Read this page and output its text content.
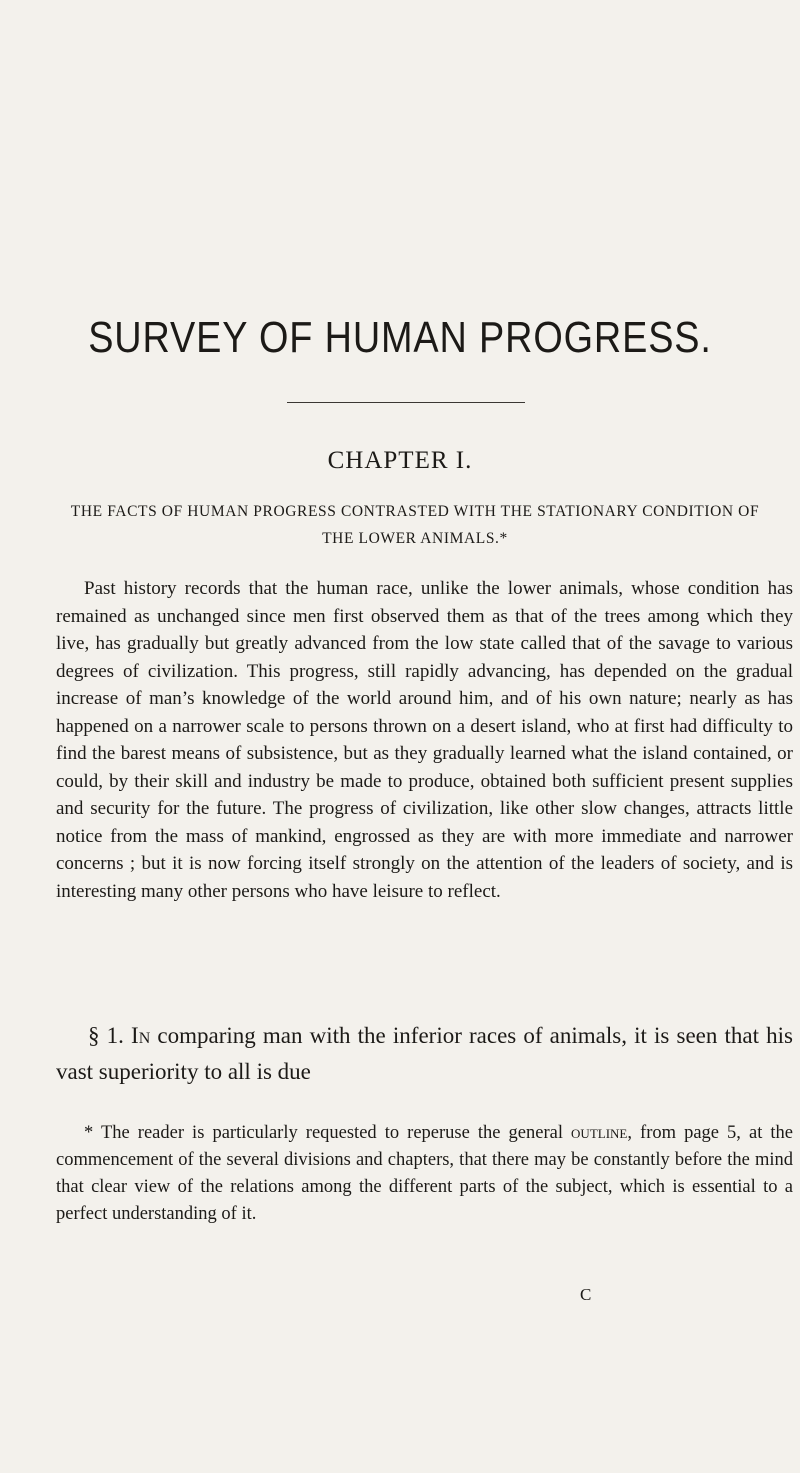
SURVEY OF HUMAN PROGRESS.
CHAPTER I.

THE FACTS OF HUMAN PROGRESS CONTRASTED WITH THE STATIONARY CONDITION OF THE LOWER ANIMALS.*

Past history records that the human race, unlike the lower animals, whose condition has remained as unchanged since men first observed them as that of the trees among which they live, has gradually but greatly advanced from the low state called that of the savage to various degrees of civilization. This progress, still rapidly advancing, has depended on the gradual increase of man’s knowledge of the world around him, and of his own nature; nearly as has happened on a narrower scale to persons thrown on a desert island, who at first had difficulty to find the barest means of subsistence, but as they gradually learned what the island contained, or could, by their skill and industry be made to produce, obtained both sufficient present supplies and security for the future. The progress of civilization, like other slow changes, attracts little notice from the mass of mankind, engrossed as they are with more immediate and narrower concerns ; but it is now forcing itself strongly on the attention of the leaders of society, and is interesting many other persons who have leisure to reflect.

§ 1. In comparing man with the inferior races of animals, it is seen that his vast superiority to all is due

* The reader is particularly requested to reperuse the general outline, from page 5, at the commencement of the several divisions and chapters, that there may be constantly before the mind that clear view of the relations among the different parts of the subject, which is essential to a perfect understanding of it.

C
